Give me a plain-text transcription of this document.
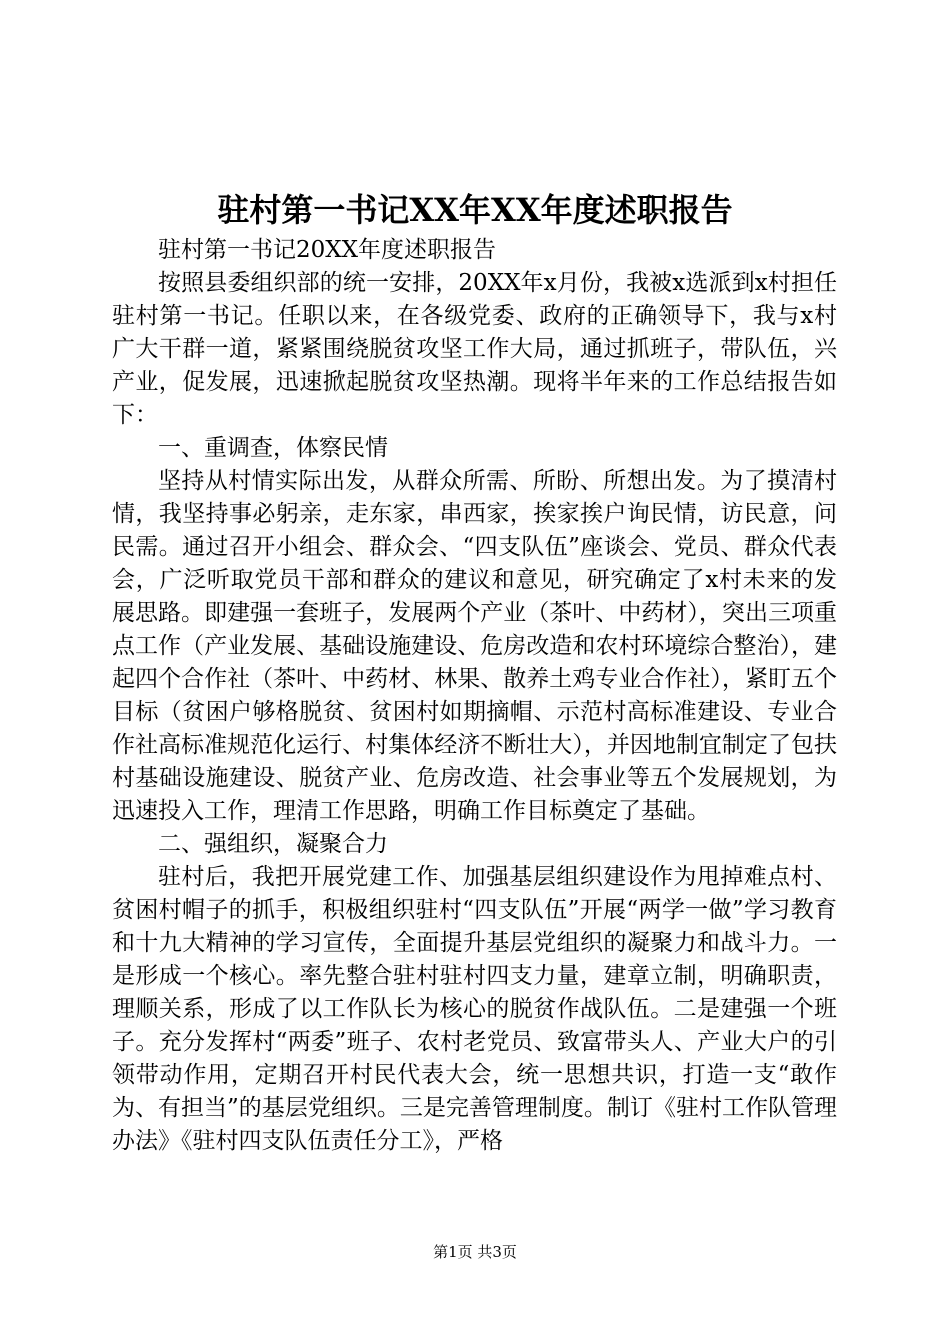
驻村第一书记XX年XX年度述职报告

驻村第一书记20XX年度述职报告

按照县委组织部的统一安排，20XX年x月份，我被x选派到x村担任驻村第一书记。任职以来，在各级党委、政府的正确领导下，我与x村广大干群一道，紧紧围绕脱贫攻坚工作大局，通过抓班子，带队伍，兴产业，促发展，迅速掀起脱贫攻坚热潮。现将半年来的工作总结报告如下：

一、重调查，体察民情

坚持从村情实际出发，从群众所需、所盼、所想出发。为了摸清村情，我坚持事必躬亲，走东家，串西家，挨家挨户询民情，访民意，问民需。通过召开小组会、群众会、“四支队伍”座谈会、党员、群众代表会，广泛听取党员干部和群众的建议和意见，研究确定了x村未来的发展思路。即建强一套班子，发展两个产业（茶叶、中药材），突出三项重点工作（产业发展、基础设施建设、危房改造和农村环境综合整治），建起四个合作社（茶叶、中药材、林果、散养土鸡专业合作社），紧盯五个目标（贫困户够格脱贫、贫困村如期摘帽、示范村高标准建设、专业合作社高标准规范化运行、村集体经济不断壮大），并因地制宜制定了包扶村基础设施建设、脱贫产业、危房改造、社会事业等五个发展规划，为迅速投入工作，理清工作思路，明确工作目标奠定了基础。

二、强组织，凝聚合力

驻村后，我把开展党建工作、加强基层组织建设作为甩掉难点村、贫困村帽子的抓手，积极组织驻村“四支队伍”开展“两学一做”学习教育和十九大精神的学习宣传，全面提升基层党组织的凝聚力和战斗力。一是形成一个核心。率先整合驻村驻村四支力量，建章立制，明确职责，理顺关系，形成了以工作队长为核心的脱贫作战队伍。二是建强一个班子。充分发挥村“两委”班子、农村老党员、致富带头人、产业大户的引领带动作用，定期召开村民代表大会，统一思想共识，打造一支“敢作为、有担当”的基层党组织。三是完善管理制度。制订《驻村工作队管理办法》《驻村四支队伍责任分工》，严格

第1页 共3页
